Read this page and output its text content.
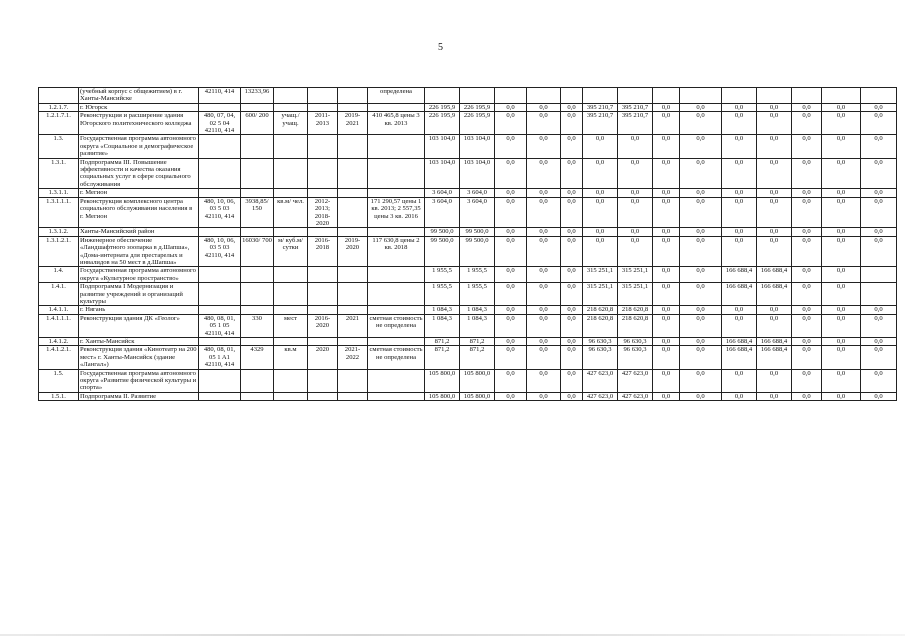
5
	(учебный корпус с общежитием) в г. Ханты-Мансийске	42110, 414	13233,96				определена														
1.2.1.7.	г. Югорск							226 195,9	226 195,9	0,0	0,0	0,0	395 210,7	395 210,7	0,0	0,0	0,0	0,0	0,0	0,0	0,0
1.2.1.7.1.	Реконструкция и расширение здания Югорского политехнического колледжа	480, 07, 04, 02 5 04 42110, 414	600/ 200	учащ./ учащ.	2011-2013	2019-2021	410 465,8 цены 3 кв. 2013	226 195,9	226 195,9	0,0	0,0	0,0	395 210,7	395 210,7	0,0	0,0	0,0	0,0	0,0	0,0	0,0
1.3.	Государственная программа автономного округа «Социальное и демографическое развитие»							103 104,0	103 104,0	0,0	0,0	0,0	0,0	0,0	0,0	0,0	0,0	0,0	0,0	0,0	0,0
1.3.1.	Подпрограмма III. Повышение эффективности и качества оказания социальных услуг в сфере социального обслуживания							103 104,0	103 104,0	0,0	0,0	0,0	0,0	0,0	0,0	0,0	0,0	0,0	0,0	0,0	0,0
1.3.1.1.	г. Мегион							3 604,0	3 604,0	0,0	0,0	0,0	0,0	0,0	0,0	0,0	0,0	0,0	0,0	0,0	0,0
1.3.1.1.1.	Реконструкция комплексного центра социального обслуживания населения в г. Мегион	480, 10, 06, 03 5 03 42110, 414	3938,85/ 150	кв.м/ чел.	2012-2013; 2018-2020		171 290,57 цены 1 кв. 2013; 2 557,35 цены 3 кв. 2016	3 604,0	3 604,0	0,0	0,0	0,0	0,0	0,0	0,0	0,0	0,0	0,0	0,0	0,0	0,0
1.3.1.2.	Ханты-Мансийский район							99 500,0	99 500,0	0,0	0,0	0,0	0,0	0,0	0,0	0,0	0,0	0,0	0,0	0,0	0,0
1.3.1.2.1.	Инженерное обеспечение «Ландшафтного зоопарка в д.Шапша», «Дома-интерната для престарелых и инвалидов на 50 мест в д.Шапша»	480, 10, 06, 03 5 03 42110, 414	16030/ 700	м/ куб.м/ сутки	2016-2018	2019-2020	117 630,8 цены 2 кв. 2018	99 500,0	99 500,0	0,0	0,0	0,0	0,0	0,0	0,0	0,0	0,0	0,0	0,0	0,0	0,0
1.4.	Государственная программа автономного округа «Культурное пространство»							1 955,5	1 955,5	0,0	0,0	0,0	315 251,1	315 251,1	0,0	0,0	166 688,4	166 688,4	0,0	0,0	
1.4.1.	Подпрограмма I Модернизация и развитие учреждений и организаций культуры							1 955,5	1 955,5	0,0	0,0	0,0	315 251,1	315 251,1	0,0	0,0	166 688,4	166 688,4	0,0	0,0	
1.4.1.1.	г. Нягань							1 084,3	1 084,3	0,0	0,0	0,0	218 620,8	218 620,8	0,0	0,0	0,0	0,0	0,0	0,0	0,0
1.4.1.1.1.	Реконструкция здания ДК «Геолог»	480, 08, 01, 05 1 05 42110, 414	330	мест	2016-2020	2021	сметная стоимость не определена	1 084,3	1 084,3	0,0	0,0	0,0	218 620,8	218 620,8	0,0	0,0	0,0	0,0	0,0	0,0	0,0
1.4.1.2.	г. Ханты-Мансийск							871,2	871,2	0,0	0,0	0,0	96 630,3	96 630,3	0,0	0,0	166 688,4	166 688,4	0,0	0,0	0,0
1.4.1.2.1.	Реконструкция здания «Кинотеатр на 200 мест» г. Ханты-Мансийск (здание «Лангал»)	480, 08, 01, 05 1 A1 42110, 414	4329	кв.м	2020	2021-2022	сметная стоимость не определена	871,2	871,2	0,0	0,0	0,0	96 630,3	96 630,3	0,0	0,0	166 688,4	166 688,4	0,0	0,0	0,0
1.5.	Государственная программа автономного округа «Развитие физической культуры и спорта»							105 800,0	105 800,0	0,0	0,0	0,0	427 623,0	427 623,0	0,0	0,0	0,0	0,0	0,0	0,0	0,0
1.5.1.	Подпрограмма II. Развитие							105 800,0	105 800,0	0,0	0,0	0,0	427 623,0	427 623,0	0,0	0,0	0,0	0,0	0,0	0,0	0,0
